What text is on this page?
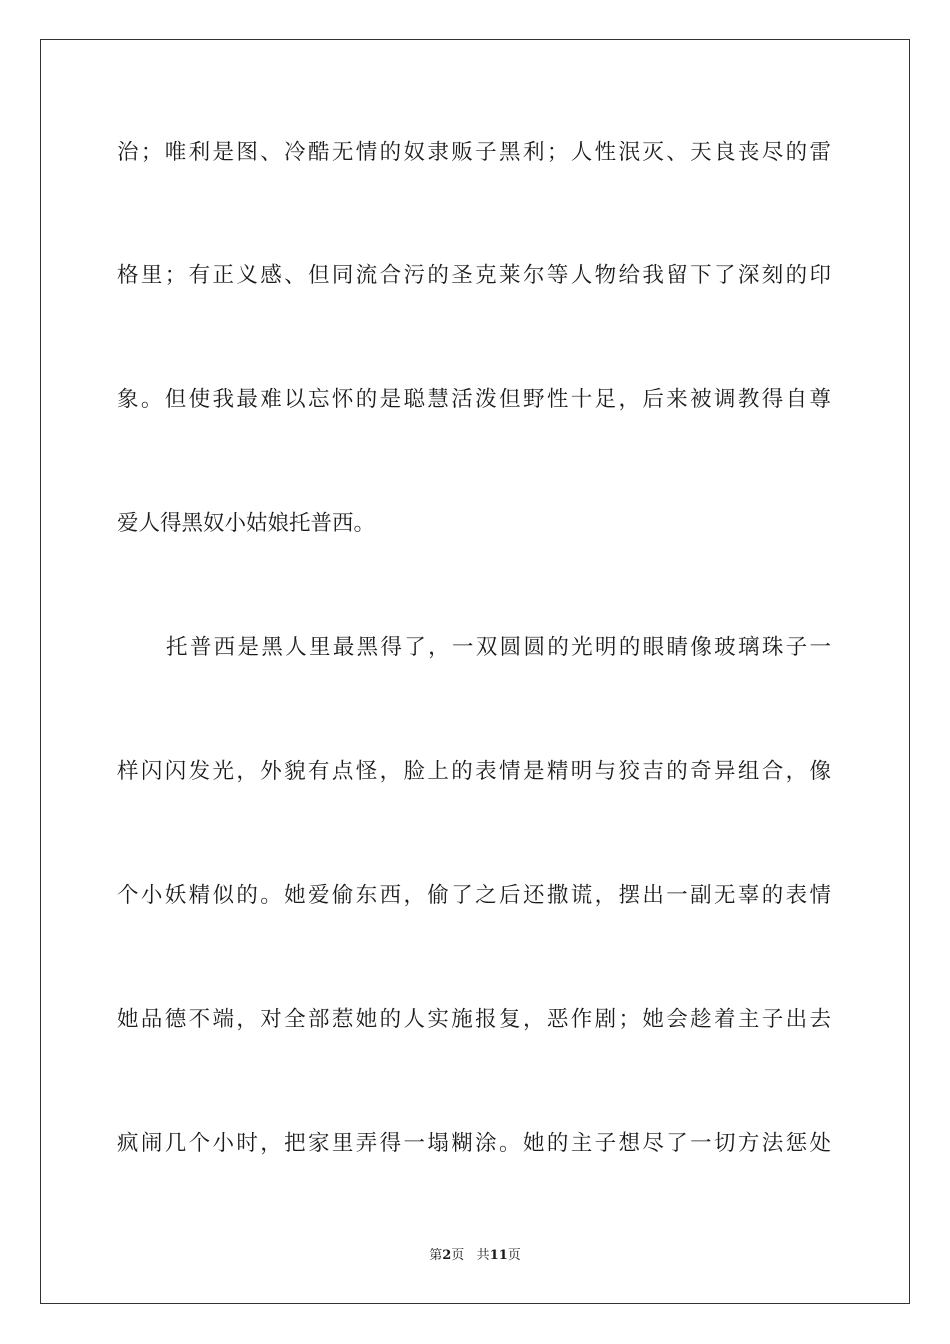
治；唯利是图、冷酷无情的奴隶贩子黑利；人性泯灭、天良丧尽的雷
格里；有正义感、但同流合污的圣克莱尔等人物给我留下了深刻的印
象。但使我最难以忘怀的是聪慧活泼但野性十足，后来被调教得自尊
爱人得黑奴小姑娘托普西。
托普西是黑人里最黑得了，一双圆圆的光明的眼睛像玻璃珠子一
样闪闪发光，外貌有点怪，脸上的表情是精明与狡吉的奇异组合，像
个小妖精似的。她爱偷东西，偷了之后还撒谎，摆出一副无辜的表情
她品德不端，对全部惹她的人实施报复，恶作剧；她会趁着主子出去
疯闹几个小时，把家里弄得一塌糊涂。她的主子想尽了一切方法惩处
第2页 共11页
